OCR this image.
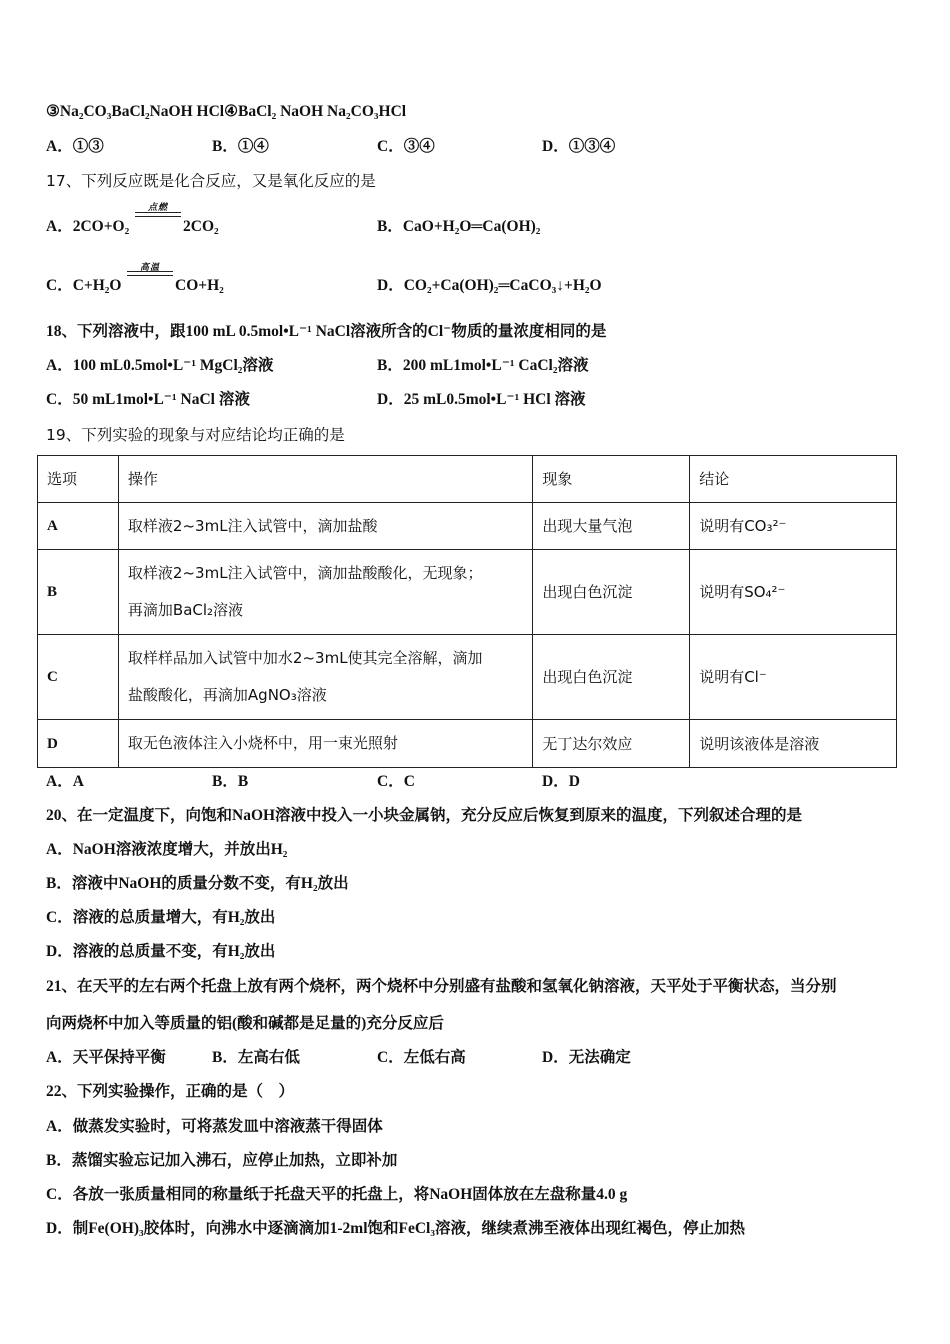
③Na₂CO₃BaCl₂NaOH HCl④BaCl₂ NaOH Na₂CO₃HCl
A．①③	B．①④	C．③④	D．①③④
17、下列反应既是化合反应，又是氧化反应的是
A．2CO+O₂
点燃
2CO₂	B．CaO+H₂O═Ca(OH)₂
C．C+H₂O
高温
CO+H₂	D．CO₂+Ca(OH)₂═CaCO₃↓+H₂O
18、下列溶液中，跟100 mL 0.5mol•L⁻¹ NaCl溶液所含的Cl⁻物质的量浓度相同的是
A．100 mL0.5mol•L⁻¹ MgCl₂溶液	B．200 mL1mol•L⁻¹ CaCl₂溶液
C．50 mL1mol•L⁻¹ NaCl 溶液	D．25 mL0.5mol•L⁻¹ HCl 溶液
19、下列实验的现象与对应结论均正确的是
选项	操作	现象	结论
A	取样液2~3mL注入试管中，滴加盐酸	出现大量气泡	说明有CO₃²⁻
B	取样液2~3mL注入试管中，滴加盐酸酸化，无现象；
再滴加BaCl₂溶液	出现白色沉淀	说明有SO₄²⁻
C	取样样品加入试管中加水2~3mL使其完全溶解，滴加
盐酸酸化，再滴加AgNO₃溶液	出现白色沉淀	说明有Cl⁻
D	取无色液体注入小烧杯中，用一束光照射	无丁达尔效应	说明该液体是溶液
A．A	B．B	C．C	D．D
20、在一定温度下，向饱和NaOH溶液中投入一小块金属钠，充分反应后恢复到原来的温度，下列叙述合理的是
A．NaOH溶液浓度增大，并放出H₂
B．溶液中NaOH的质量分数不变，有H₂放出
C．溶液的总质量增大，有H₂放出
D．溶液的总质量不变，有H₂放出
21、在天平的左右两个托盘上放有两个烧杯，两个烧杯中分别盛有盐酸和氢氧化钠溶液，天平处于平衡状态，当分别
向两烧杯中加入等质量的铝(酸和碱都是足量的)充分反应后
A．天平保持平衡	B．左高右低	C．左低右高	D．无法确定
22、下列实验操作，正确的是（　）
A．做蒸发实验时，可将蒸发皿中溶液蒸干得固体
B．蒸馏实验忘记加入沸石，应停止加热，立即补加
C．各放一张质量相同的称量纸于托盘天平的托盘上，将NaOH固体放在左盘称量4.0 g
D．制Fe(OH)₃胶体时，向沸水中逐滴滴加1-2ml饱和FeCl₃溶液，继续煮沸至液体出现红褐色，停止加热
